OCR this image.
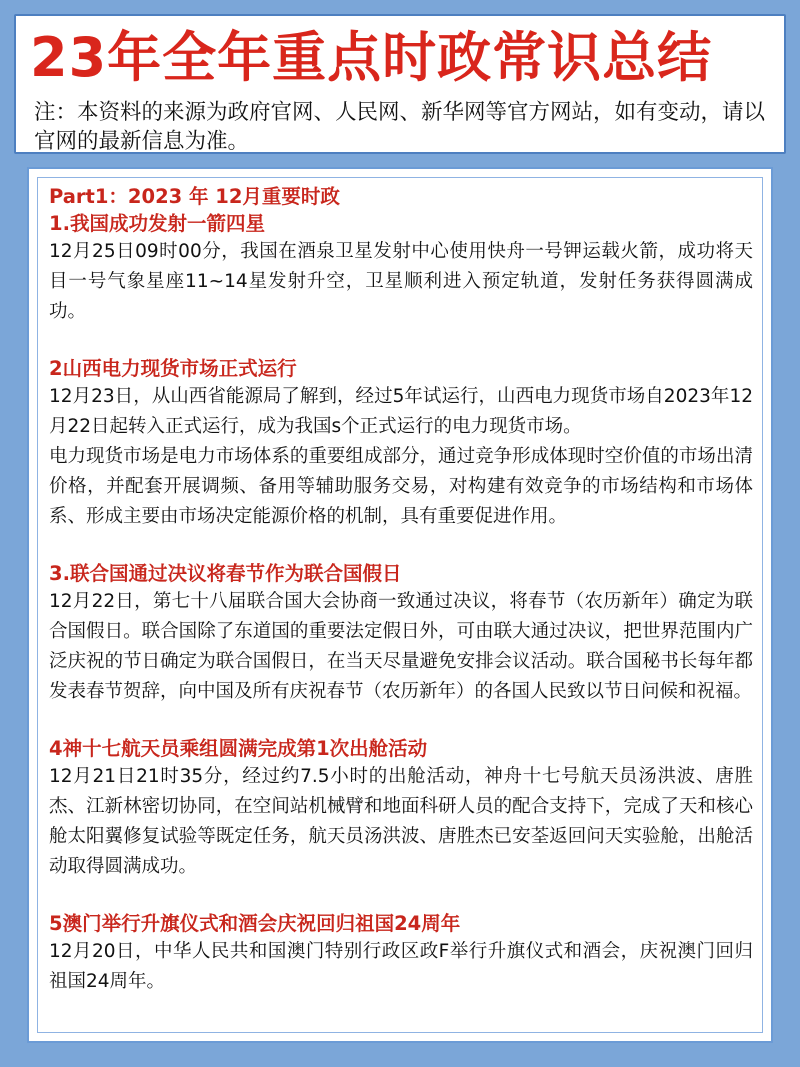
23年全年重点时政常识总结

注：本资料的来源为政府官网、人民网、新华网等官方网站，如有变动，请以官网的最新信息为准。

Part1：2023 年 12月重要时政

1.我国成功发射一箭四星

12月25日09时00分，我国在酒泉卫星发射中心使用快舟一号钾运载火箭，成功将天目一号气象星座11~14星发射升空，卫星顺利进入预定轨道，发射任务获得圆满成功。

2山西电力现货市场正式运行

12月23日，从山西省能源局了解到，经过5年试运行，山西电力现货市场自2023年12月22日起转入正式运行，成为我国s个正式运行的电力现货市场。

电力现货市场是电力市场体系的重要组成部分，通过竞争形成体现时空价值的市场出清价格，并配套开展调频、备用等辅助服务交易，对构建有效竞争的市场结构和市场体系、形成主要由市场决定能源价格的机制，具有重要促进作用。

3.联合国通过决议将春节作为联合国假日

12月22日，第七十八届联合国大会协商一致通过决议，将春节（农历新年）确定为联合国假日。联合国除了东道国的重要法定假日外，可由联大通过决议，把世界范围内广泛庆祝的节日确定为联合国假日，在当天尽量避免安排会议活动。联合国秘书长每年都发表春节贺辞，向中国及所有庆祝春节（农历新年）的各国人民致以节日问候和祝福。

4神十七航天员乘组圆满完成第1次出舱活动

12月21日21时35分，经过约7.5小时的出舱活动，神舟十七号航天员汤洪波、唐胜杰、江新林密切协同，在空间站机械臂和地面科研人员的配合支持下，完成了天和核心舱太阳翼修复试验等既定任务，航天员汤洪波、唐胜杰已安荃返回问天实验舱，出舱活动取得圆满成功。

5澳门举行升旗仪式和酒会庆祝回归祖国24周年

12月20日，中华人民共和国澳门特别行政区政F举行升旗仪式和酒会，庆祝澳门回归祖国24周年。
